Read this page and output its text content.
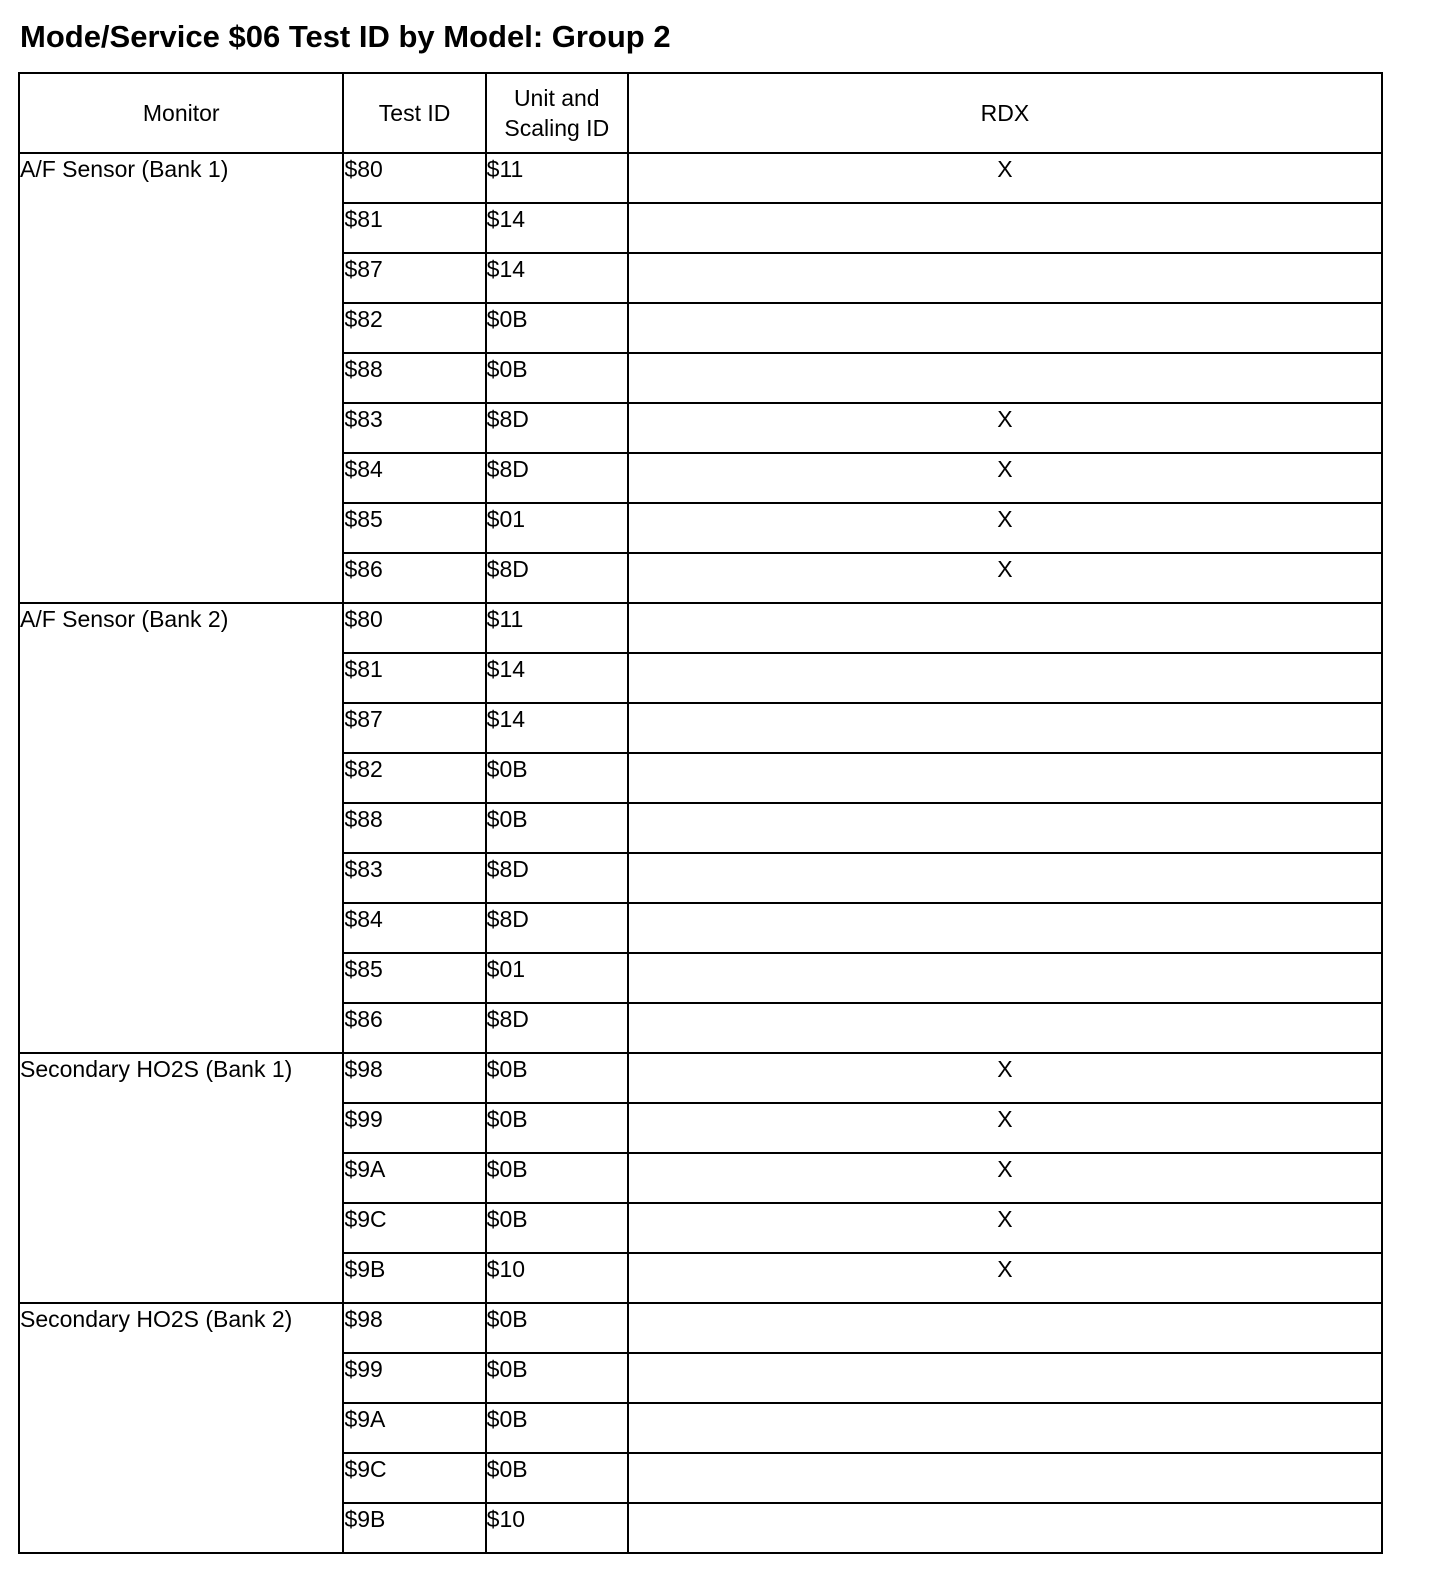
Mode/Service $06 Test ID by Model: Group 2
Monitor	Test ID	Unit and
Scaling ID	RDX
A/F Sensor (Bank 1)	$80	$11	X
	$81	$14	
	$87	$14	
	$82	$0B	
	$88	$0B	
	$83	$8D	X
	$84	$8D	X
	$85	$01	X
	$86	$8D	X
A/F Sensor (Bank 2)	$80	$11	
	$81	$14	
	$87	$14	
	$82	$0B	
	$88	$0B	
	$83	$8D	
	$84	$8D	
	$85	$01	
	$86	$8D	
Secondary HO2S (Bank 1)	$98	$0B	X
	$99	$0B	X
	$9A	$0B	X
	$9C	$0B	X
	$9B	$10	X
Secondary HO2S (Bank 2)	$98	$0B	
	$99	$0B	
	$9A	$0B	
	$9C	$0B	
	$9B	$10	
